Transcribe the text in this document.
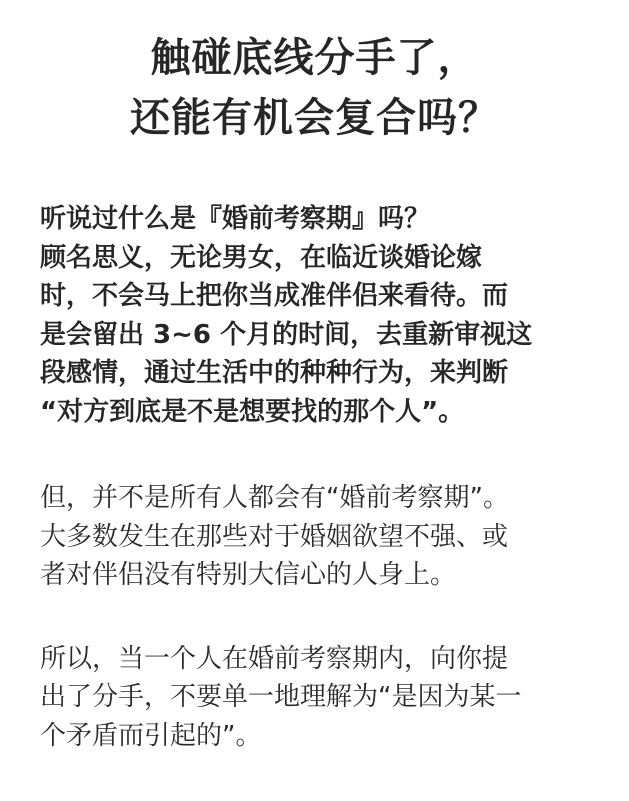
触碰底线分手了，
还能有机会复合吗？
听说过什么是『婚前考察期』吗？
顾名思义，无论男女，在临近谈婚论嫁
时，不会马上把你当成准伴侣来看待。而
是会留出 3~6 个月的时间，去重新审视这
段感情，通过生活中的种种行为，来判断
“对方到底是不是想要找的那个人”。
但，并不是所有人都会有“婚前考察期”。
大多数发生在那些对于婚姻欲望不强、或
者对伴侣没有特别大信心的人身上。
所以，当一个人在婚前考察期内，向你提
出了分手，不要单一地理解为“是因为某一
个矛盾而引起的”。
